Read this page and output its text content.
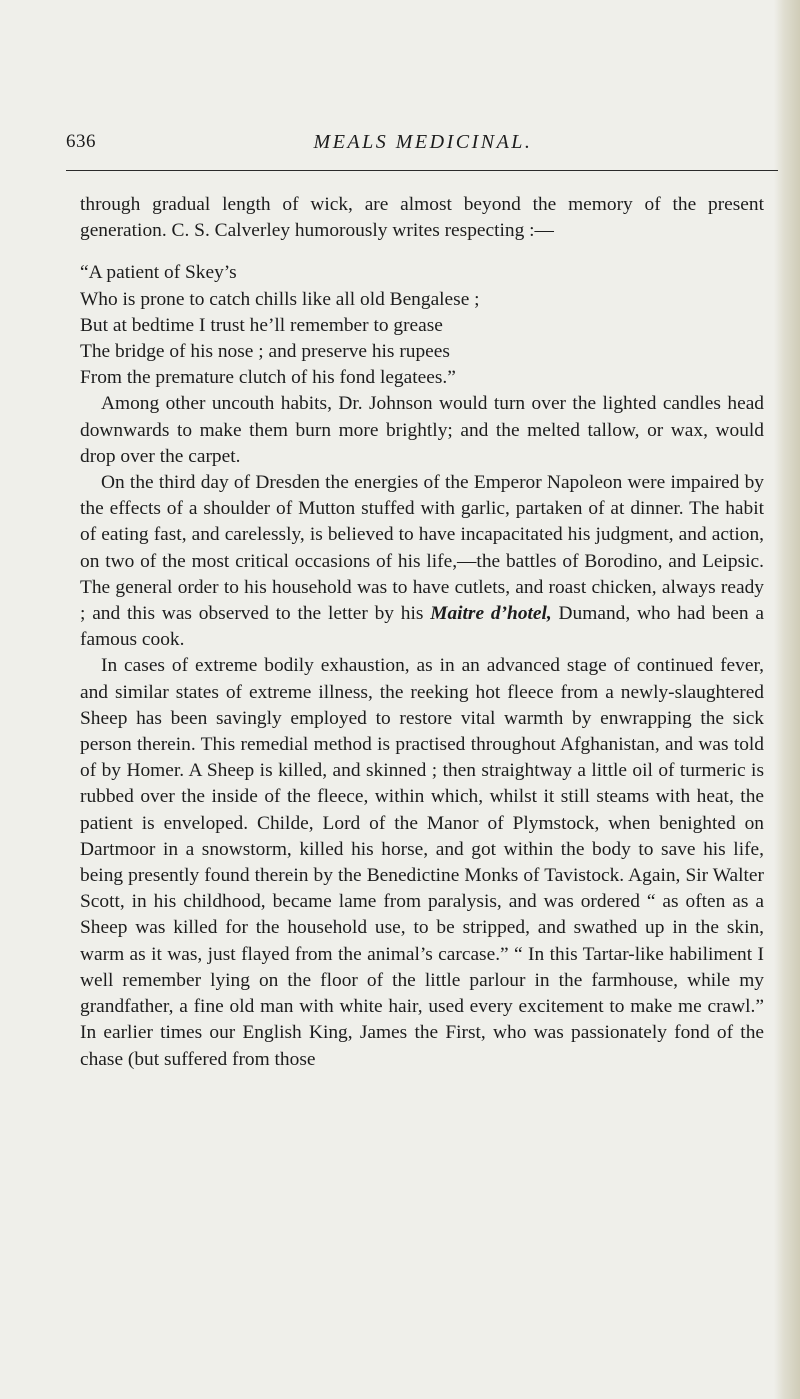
636	MEALS MEDICINAL.

through gradual length of wick, are almost beyond the memory of the present generation. C. S. Calverley humorously writes respecting :—

“A patient of Skey’s
Who is prone to catch chills like all old Bengalese ;
But at bedtime I trust he’ll remember to grease
The bridge of his nose ; and preserve his rupees
From the premature clutch of his fond legatees.”

Among other uncouth habits, Dr. Johnson would turn over the lighted candles head downwards to make them burn more brightly; and the melted tallow, or wax, would drop over the carpet.

On the third day of Dresden the energies of the Emperor Napoleon were impaired by the effects of a shoulder of Mutton stuffed with garlic, partaken of at dinner. The habit of eating fast, and carelessly, is believed to have incapacitated his judgment, and action, on two of the most critical occasions of his life,—the battles of Borodino, and Leipsic. The general order to his household was to have cutlets, and roast chicken, always ready ; and this was observed to the letter by his Maitre d’hotel, Dumand, who had been a famous cook.

In cases of extreme bodily exhaustion, as in an advanced stage of continued fever, and similar states of extreme illness, the reeking hot fleece from a newly-slaughtered Sheep has been savingly employed to restore vital warmth by enwrapping the sick person therein. This remedial method is practised throughout Afghanistan, and was told of by Homer. A Sheep is killed, and skinned ; then straightway a little oil of turmeric is rubbed over the inside of the fleece, within which, whilst it still steams with heat, the patient is enveloped. Childe, Lord of the Manor of Plymstock, when benighted on Dartmoor in a snowstorm, killed his horse, and got within the body to save his life, being presently found therein by the Benedictine Monks of Tavistock. Again, Sir Walter Scott, in his childhood, became lame from paralysis, and was ordered “ as often as a Sheep was killed for the household use, to be stripped, and swathed up in the skin, warm as it was, just flayed from the animal’s carcase.” “ In this Tartar-like habiliment I well remember lying on the floor of the little parlour in the farmhouse, while my grandfather, a fine old man with white hair, used every excitement to make me crawl.” In earlier times our English King, James the First, who was passionately fond of the chase (but suffered from those
